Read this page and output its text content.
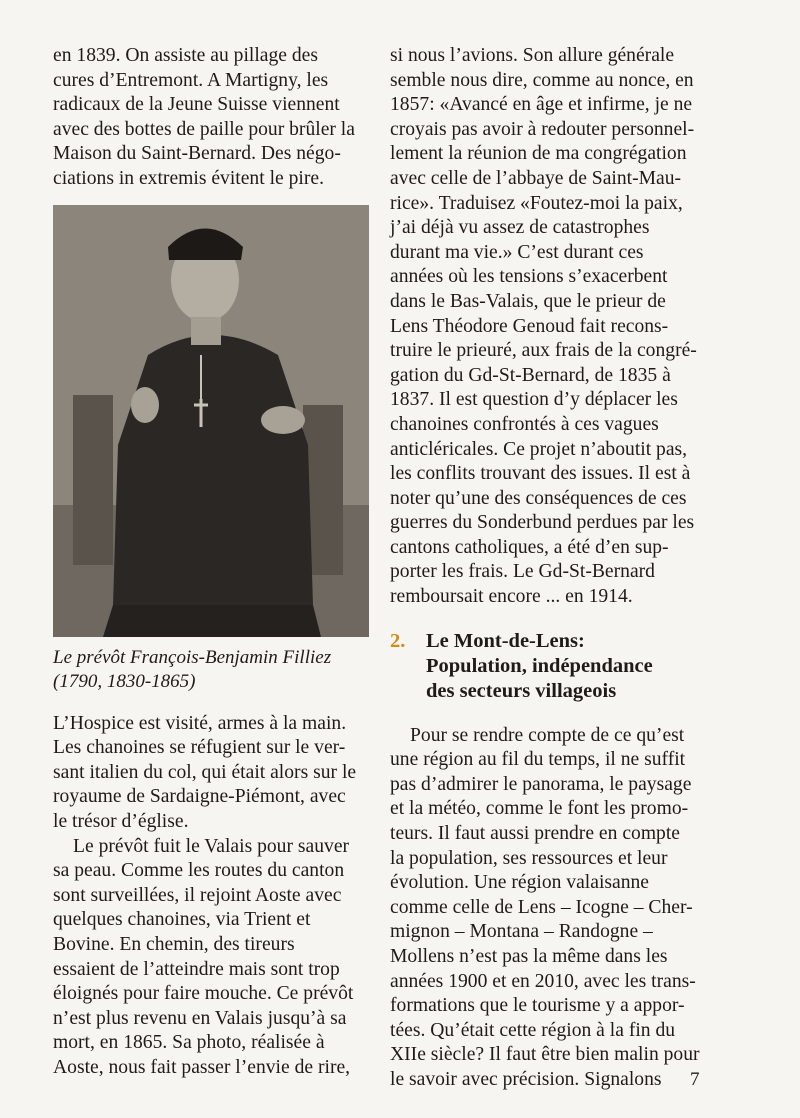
en 1839. On assiste au pillage des
cures d’Entremont. A Martigny, les
radicaux de la Jeune Suisse viennent
avec des bottes de paille pour brûler la
Maison du Saint-Bernard. Des négo-
ciations in extremis évitent le pire.
Le prévôt François-Benjamin Filliez
(1790, 1830-1865)
L’Hospice est visité, armes à la main.
Les chanoines se réfugient sur le ver-
sant italien du col, qui était alors sur le
royaume de Sardaigne-Piémont, avec
le trésor d’église.
Le prévôt fuit le Valais pour sauver
sa peau. Comme les routes du canton
sont surveillées, il rejoint Aoste avec
quelques chanoines, via Trient et
Bovine. En chemin, des tireurs
essaient de l’atteindre mais sont trop
éloignés pour faire mouche. Ce prévôt
n’est plus revenu en Valais jusqu’à sa
mort, en 1865. Sa photo, réalisée à
Aoste, nous fait passer l’envie de rire,
si nous l’avions. Son allure générale
semble nous dire, comme au nonce, en
1857: «Avancé en âge et infirme, je ne
croyais pas avoir à redouter personnel-
lement la réunion de ma congrégation
avec celle de l’abbaye de Saint-Mau-
rice». Traduisez «Foutez-moi la paix,
j’ai déjà vu assez de catastrophes
durant ma vie.» C’est durant ces
années où les tensions s’exacerbent
dans le Bas-Valais, que le prieur de
Lens Théodore Genoud fait recons-
truire le prieuré, aux frais de la congré-
gation du Gd-St-Bernard, de 1835 à
1837. Il est question d’y déplacer les
chanoines confrontés à ces vagues
anticléricales. Ce projet n’aboutit pas,
les conflits trouvant des issues. Il est à
noter qu’une des conséquences de ces
guerres du Sonderbund perdues par les
cantons catholiques, a été d’en sup-
porter les frais. Le Gd-St-Bernard
remboursait encore ... en 1914.
2.	Le Mont-de-Lens:
Population, indépendance
des secteurs villageois
Pour se rendre compte de ce qu’est
une région au fil du temps, il ne suffit
pas d’admirer le panorama, le paysage
et la météo, comme le font les promo-
teurs. Il faut aussi prendre en compte
la population, ses ressources et leur
évolution. Une région valaisanne
comme celle de Lens – Icogne – Cher-
mignon – Montana – Randogne –
Mollens n’est pas la même dans les
années 1900 et en 2010, avec les trans-
formations que le tourisme y a appor-
tées. Qu’était cette région à la fin du
XIIe siècle? Il faut être bien malin pour
le savoir avec précision. Signalons	7
